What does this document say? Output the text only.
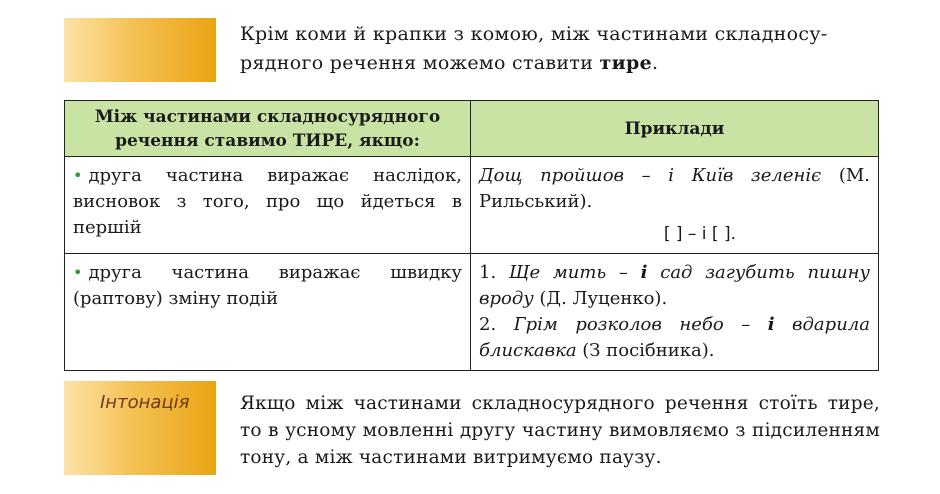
Крім коми й крапки з комою, між частинами складносу-рядного речення можемо ставити тире.
Між частинами складносурядного речення ставимо ТИРЕ, якщо:	Приклади

• друга частина виражає наслідок, висновок з того, про що йдеться в першій	Дощ пройшов – і Київ зеленіє (М. Рильський).
[ ] – і [ ].

• друга частина виражає швидку (раптову) зміну подій	1. Ще мить – і сад загубить пишну вроду (Д. Луценко).
2. Грім розколов небо – і вдарила блискавка (З посібника).
Інтонація	Якщо між частинами складносурядного речення стоїть тире, то в усному мовленні другу частину вимовляємо з підсиленням тону, а між частинами витримуємо паузу.
